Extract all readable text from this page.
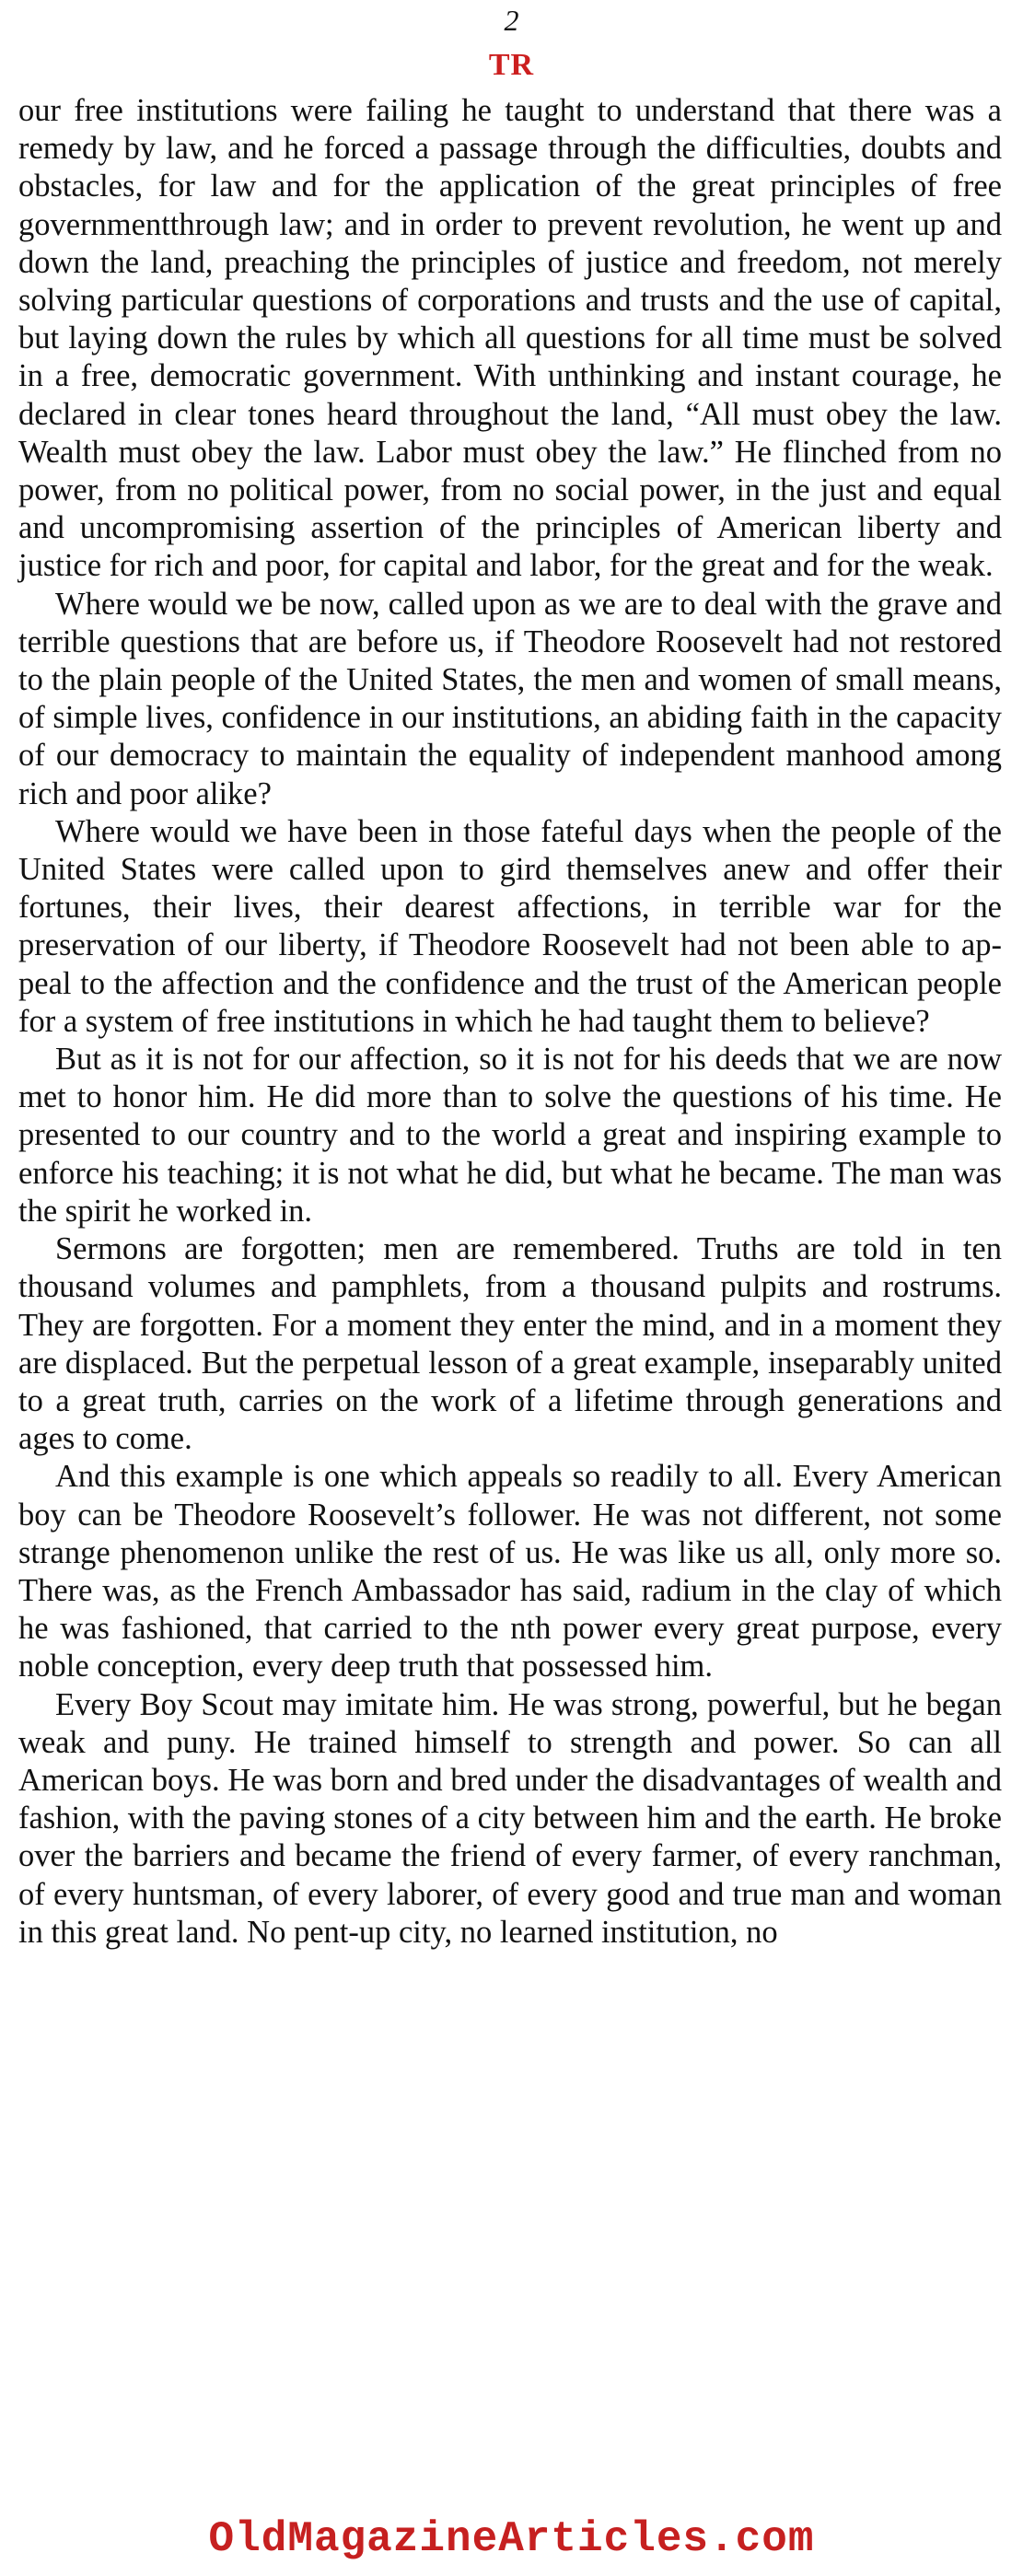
2
TR

our free institutions were failing he taught to understand that there was a remedy by law, and he forced a passage through the difficulties, doubts and obstacles, for law and for the application of the great principles of free governmentthrough law; and in order to prevent revolution, he went up and down the land, preaching the principles of justice and freedom, not merely solving particular questions of corporations and trusts and the use of capital, but laying down the rules by which all questions for all time must be solved in a free, democratic government. With unthinking and instant courage, he declared in clear tones heard throughout the land, “All must obey the law. Wealth must obey the law. Labor must obey the law.” He flinched from no power, from no political power, from no social power, in the just and equal and uncompromising assertion of the principles of American liberty and justice for rich and poor, for capital and labor, for the great and for the weak.

Where would we be now, called upon as we are to deal with the grave and terrible questions that are before us, if Theodore Roosevelt had not restored to the plain people of the United States, the men and women of small means, of simple lives, confidence in our institutions, an abiding faith in the capacity of our democracy to maintain the equality of independent manhood among rich and poor alike?

Where would we have been in those fateful days when the people of the United States were called upon to gird themselves anew and offer their fortunes, their lives, their dearest affections, in terrible war for the preservation of our liberty, if Theodore Roosevelt had not been able to appeal to the affection and the confidence and the trust of the American people for a system of free institutions in which he had taught them to believe?

But as it is not for our affection, so it is not for his deeds that we are now met to honor him. He did more than to solve the questions of his time. He presented to our country and to the world a great and inspiring example to enforce his teaching; it is not what he did, but what he became. The man was the spirit he worked in.

Sermons are forgotten; men are remembered. Truths are told in ten thousand volumes and pamphlets, from a thousand pulpits and rostrums. They are forgotten. For a moment they enter the mind, and in a moment they are displaced. But the perpetual lesson of a great example, inseparably united to a great truth, carries on the work of a lifetime through generations and ages to come.

And this example is one which appeals so readily to all. Every American boy can be Theodore Roosevelt’s follower. He was not different, not some strange phenomenon unlike the rest of us. He was like us all, only more so. There was, as the French Ambassador has said, radium in the clay of which he was fashioned, that carried to the nth power every great purpose, every noble conception, every deep truth that possessed him.

Every Boy Scout may imitate him. He was strong, powerful, but he began weak and puny. He trained himself to strength and power. So can all American boys. He was born and bred under the disadvantages of wealth and fashion, with the paving stones of a city between him and the earth. He broke over the barriers and became the friend of every farmer, of every ranchman, of every huntsman, of every laborer, of every good and true man and woman in this great land. No pent-up city, no learned institution, no

OldMagazineArticles.com
